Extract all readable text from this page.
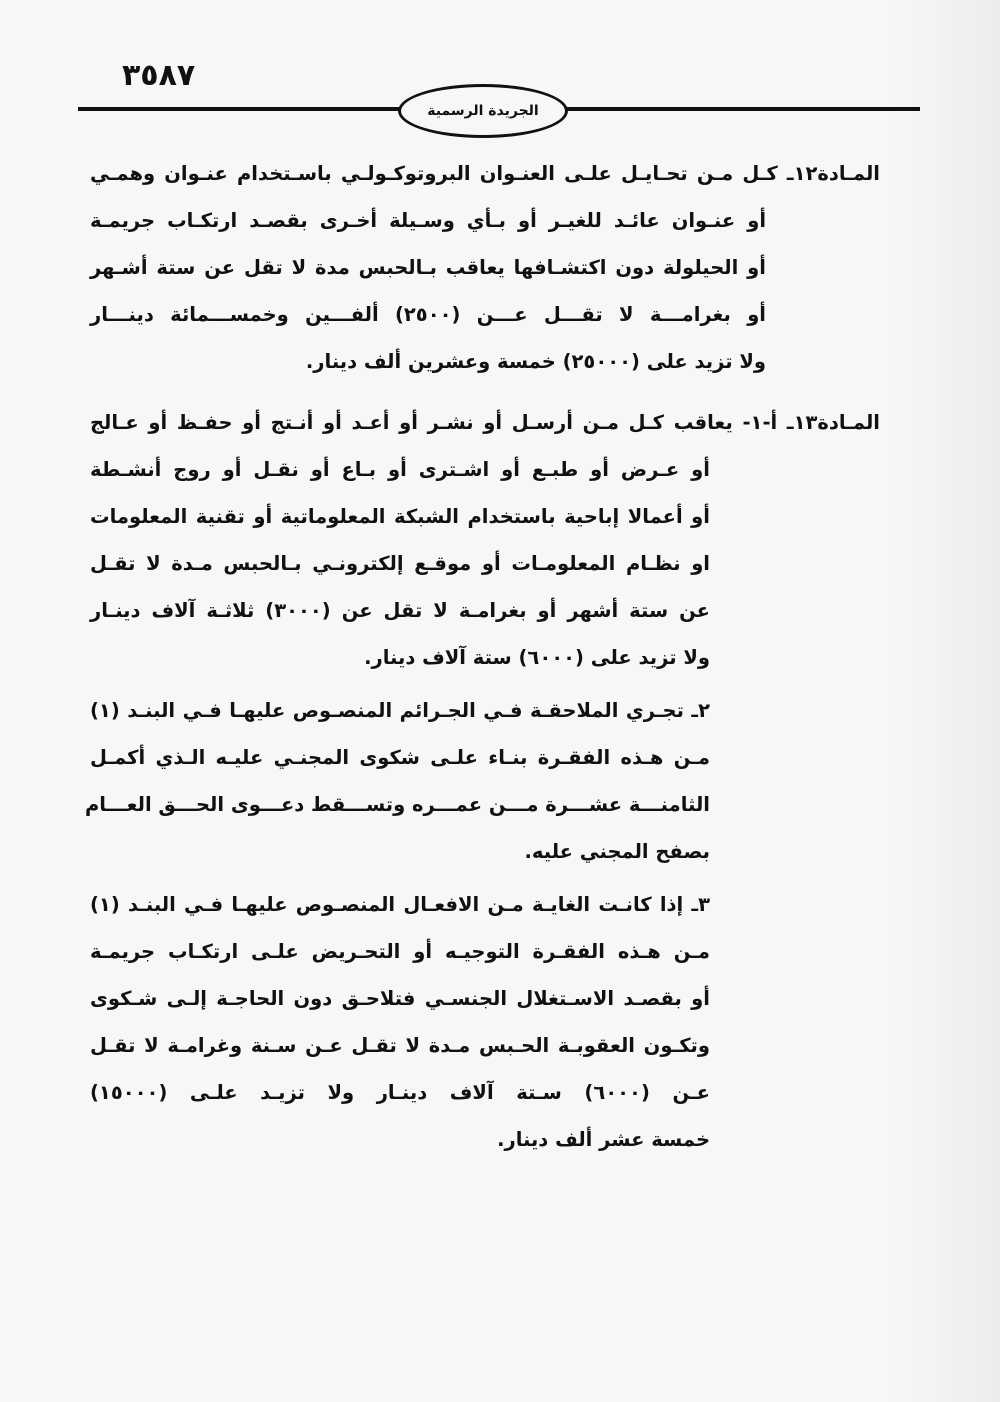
٣٥٨٧
الجريدة الرسمية
المـادة١٢ـ كـل مـن تحـايـل علـى العنـوان البروتوكـولـي باسـتخدام عنـوان وهمـي
أو عنـوان عائـد للغيـر أو بـأي وسـيلة أخـرى بقصـد ارتكـاب جريمـة
أو الحيلولة دون اكتشـافها يعاقب بـالحبس مدة لا تقل عن ستة أشـهر
أو بغرامـــة لا تقـــل عـــن (٢٥٠٠) ألفـــين وخمســـمائة دينـــار
ولا تزيد على (٢٥٠٠٠) خمسة وعشرين ألف دينار.
المـادة١٣ـ أ-١- يعاقب كـل مـن أرسـل أو نشـر أو أعـد أو أنـتج أو حفـظ أو عـالج
أو عـرض أو طبـع أو اشـترى أو بـاع أو نقـل أو روج أنشـطة
أو أعمالا إباحية باستخدام الشبكة المعلوماتية أو تقنية المعلومات
او نظـام المعلومـات أو موقـع إلكترونـي بـالحبس مـدة لا تقـل
عن ستة أشهر أو بغرامـة لا تقل عن (٣٠٠٠) ثلاثـة آلاف دينـار
ولا تزيد على (٦٠٠٠) ستة آلاف دينار.
٢ـ تجـري الملاحقـة فـي الجـرائم المنصـوص عليهـا فـي البنـد (١)
مـن هـذه الفقـرة بنـاء علـى شكوى المجنـي عليـه الـذي أكمـل
الثامنـــة عشـــرة مـــن عمـــره وتســـقط دعـــوى الحـــق العـــام
بصفح المجني عليه.
٣ـ إذا كانـت الغايـة مـن الافعـال المنصـوص عليهـا فـي البنـد (١)
مـن هـذه الفقـرة التوجيـه أو التحـريض علـى ارتكـاب جريمـة
أو بقصـد الاسـتغلال الجنسـي فتلاحـق دون الحاجـة إلـى شـكوى
وتكـون العقوبـة الحـبس مـدة لا تقـل عـن سـنة وغرامـة لا تقـل
عـن (٦٠٠٠) سـتة آلاف دينـار ولا تزيـد علـى (١٥٠٠٠)
خمسة عشر ألف دينار.
